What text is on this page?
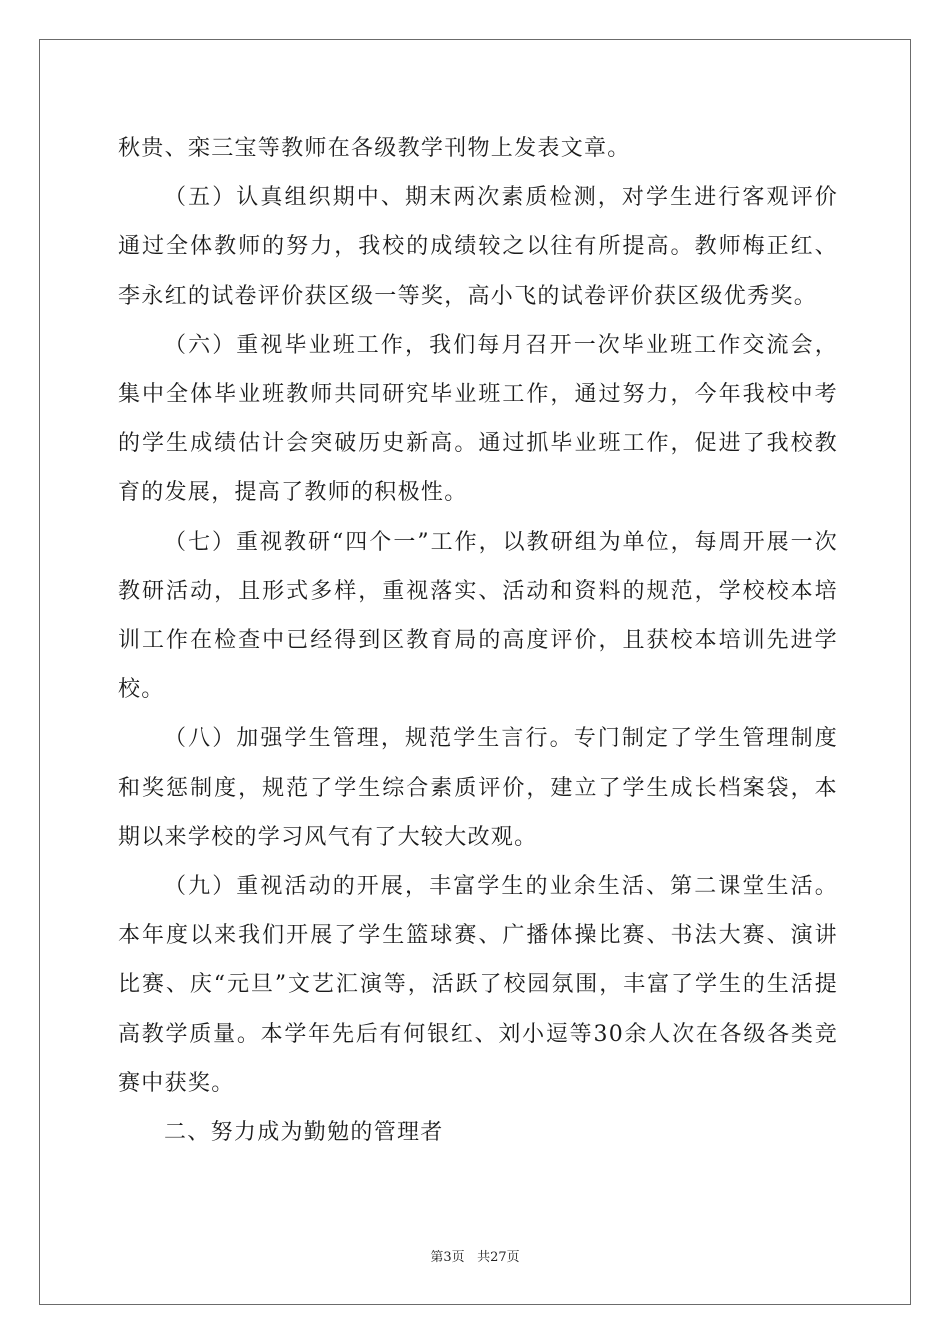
秋贵、栾三宝等教师在各级教学刊物上发表文章。

（五）认真组织期中、期末两次素质检测，对学生进行客观评价通过全体教师的努力，我校的成绩较之以往有所提高。教师梅正红、李永红的试卷评价获区级一等奖，高小飞的试卷评价获区级优秀奖。

（六）重视毕业班工作，我们每月召开一次毕业班工作交流会，集中全体毕业班教师共同研究毕业班工作，通过努力，今年我校中考的学生成绩估计会突破历史新高。通过抓毕业班工作，促进了我校教育的发展，提高了教师的积极性。

（七）重视教研“四个一”工作，以教研组为单位，每周开展一次教研活动，且形式多样，重视落实、活动和资料的规范，学校校本培训工作在检查中已经得到区教育局的高度评价，且获校本培训先进学校。

（八）加强学生管理，规范学生言行。专门制定了学生管理制度和奖惩制度，规范了学生综合素质评价，建立了学生成长档案袋，本期以来学校的学习风气有了大较大改观。

（九）重视活动的开展，丰富学生的业余生活、第二课堂生活。本年度以来我们开展了学生篮球赛、广播体操比赛、书法大赛、演讲比赛、庆“元旦”文艺汇演等，活跃了校园氛围，丰富了学生的生活提高教学质量。本学年先后有何银红、刘小逗等30余人次在各级各类竞赛中获奖。

二、努力成为勤勉的管理者

第3页 共27页
